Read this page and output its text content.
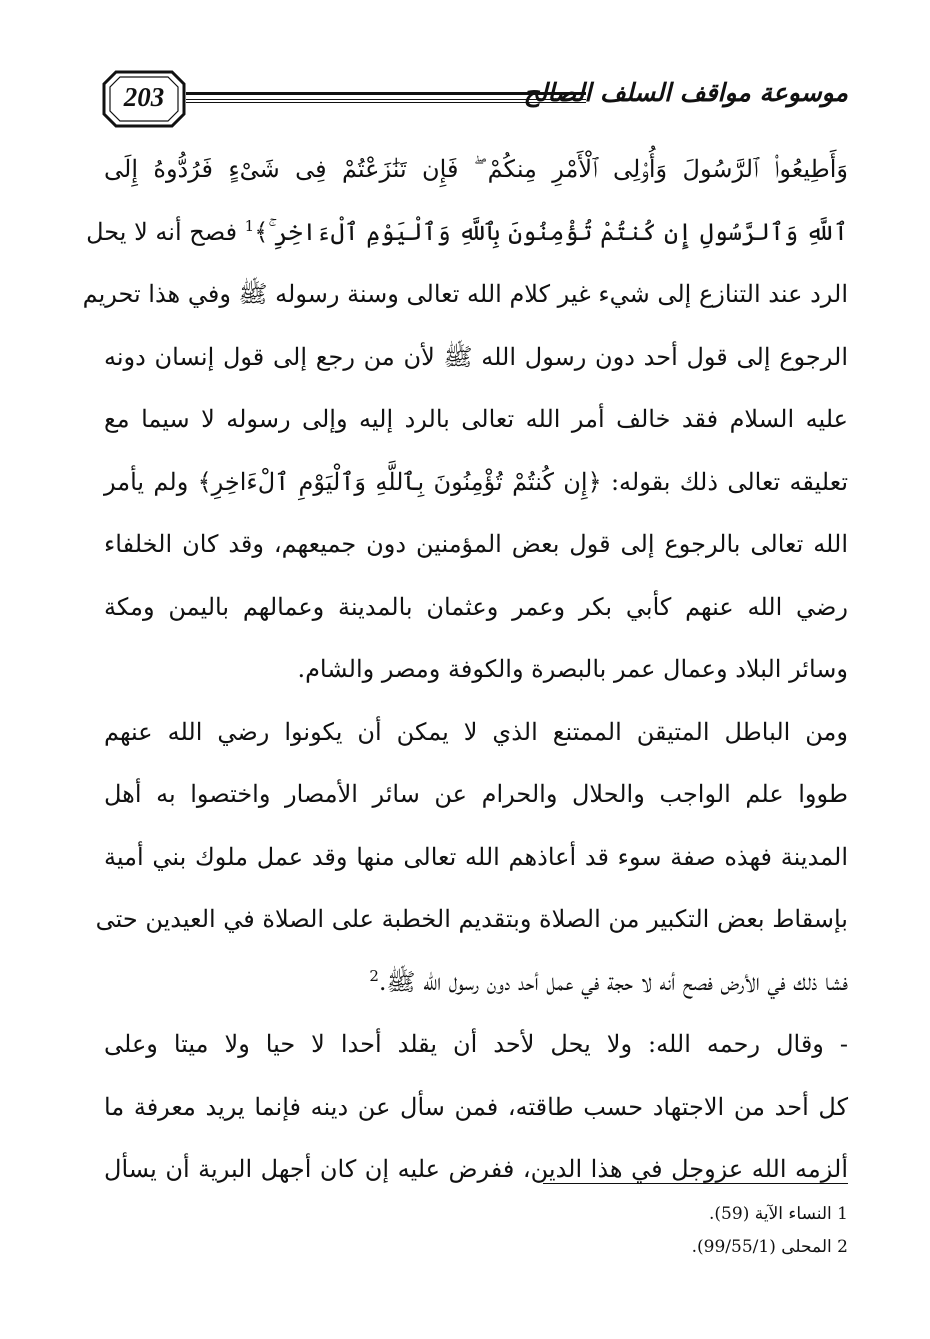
203	موسوعة مواقف السلف الصالح
وَأَطِيعُوا۟ ٱلرَّسُولَ وَأُو۟لِى ٱلْأَمْرِ مِنكُمْ ۖ فَإِن تَنَٰزَعْتُمْ فِى شَىْءٍ فَرُدُّوهُ إِلَى
ٱللَّهِ وَٱلرَّسُولِ إِن كُنتُمْ تُؤْمِنُونَ بِٱللَّهِ وَٱلْيَوْمِ ٱلْءَاخِرِ ۚ﴾$^1$ فصح أنه لا يحل
الرد عند التنازع إلى شيء غير كلام الله تعالى وسنة رسوله ﷺ وفي هذا تحريم
الرجوع إلى قول أحد دون رسول الله ﷺ لأن من رجع إلى قول إنسان دونه
عليه السلام فقد خالف أمر الله تعالى بالرد إليه وإلى رسوله لا سيما مع
تعليقه تعالى ذلك بقوله: ﴿إِن كُنتُمْ تُؤْمِنُونَ بِٱللَّهِ وَٱلْيَوْمِ ٱلْءَاخِرِ﴾ ولم يأمر
الله تعالى بالرجوع إلى قول بعض المؤمنين دون جميعهم، وقد كان الخلفاء
رضي الله عنهم كأبي بكر وعمر وعثمان بالمدينة وعمالهم باليمن ومكة
وسائر البلاد وعمال عمر بالبصرة والكوفة ومصر والشام.
ومن الباطل المتيقن الممتنع الذي لا يمكن أن يكونوا رضي الله عنهم
طووا علم الواجب والحلال والحرام عن سائر الأمصار واختصوا به أهل
المدينة فهذه صفة سوء قد أعاذهم الله تعالى منها وقد عمل ملوك بني أمية
بإسقاط بعض التكبير من الصلاة وبتقديم الخطبة على الصلاة في العيدين حتى
فشا ذلك في الأرض فصح أنه لا حجة في عمل أحد دون رسول الله ﷺ.$^2$
- وقال رحمه الله: ولا يحل لأحد أن يقلد أحدا لا حيا ولا ميتا وعلى
كل أحد من الاجتهاد حسب طاقته، فمن سأل عن دينه فإنما يريد معرفة ما
ألزمه الله عزوجل في هذا الدين، ففرض عليه إن كان أجهل البرية أن يسأل
1 النساء الآية (59).
2 المحلى (99/55/1).
